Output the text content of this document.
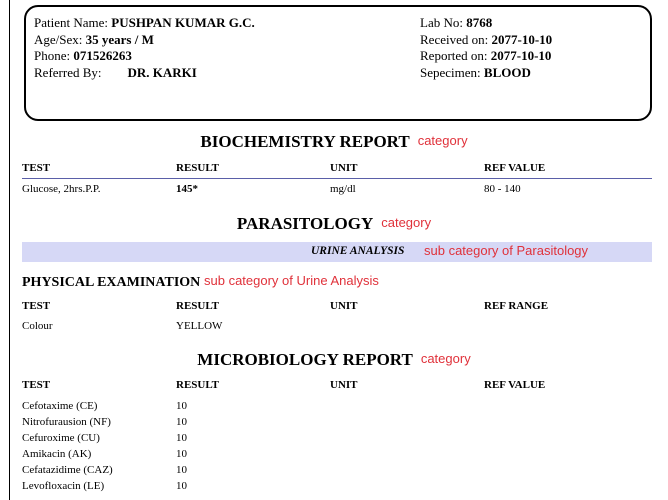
Patient Name: PUSHPAN KUMAR G.C.
Age/Sex: 35 years / M
Phone: 071526263
Referred By: DR. KARKI
Lab No: 8768
Received on: 2077-10-10
Reported on: 2077-10-10
Sepecimen: BLOOD
BIOCHEMISTRY REPORT category
TEST	RESULT	UNIT	REF VALUE
Glucose, 2hrs.P.P.	145*	mg/dl	80 - 140
PARASITOLOGY category
URINE ANALYSIS sub category of Parasitology
PHYSICAL EXAMINATION sub category of Urine Analysis
TEST	RESULT	UNIT	REF RANGE
Colour	YELLOW
MICROBIOLOGY REPORT category
TEST	RESULT	UNIT	REF VALUE
Cefotaxime (CE)	10
Nitrofurausion (NF)	10
Cefuroxime (CU)	10
Amikacin (AK)	10
Cefatazidime (CAZ)	10
Levofloxacin (LE)	10
